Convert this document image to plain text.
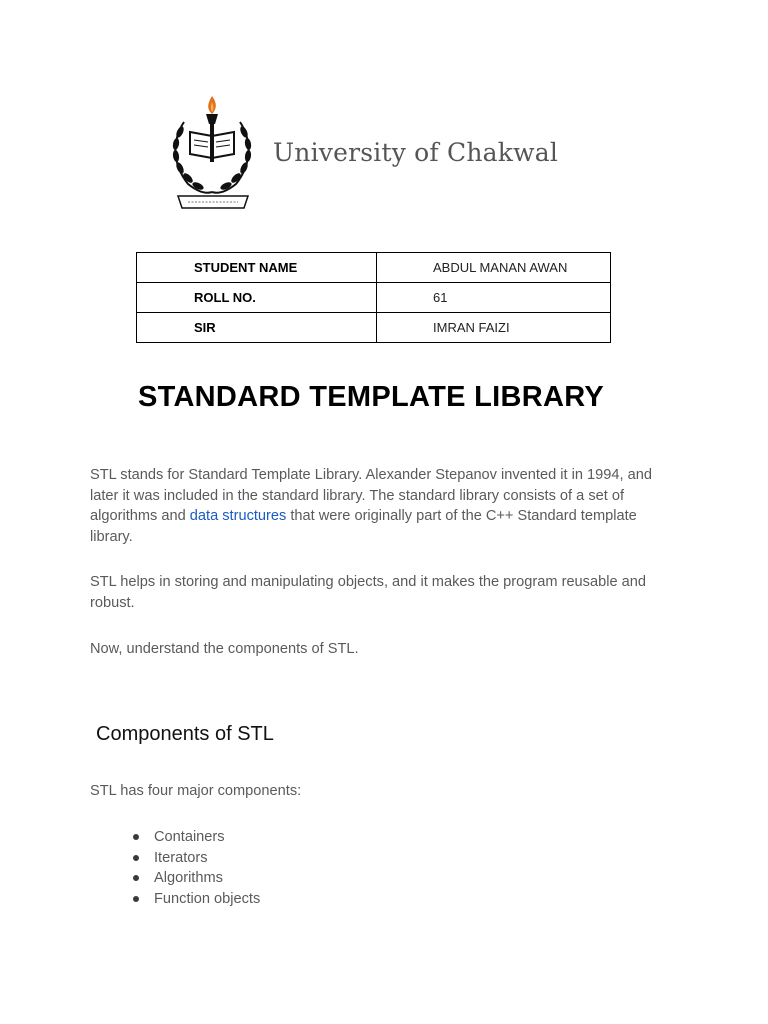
University of Chakwal
STUDENT NAME	ABDUL MANAN AWAN
ROLL NO.	61
SIR	IMRAN FAIZI
STANDARD TEMPLATE LIBRARY
STL stands for Standard Template Library. Alexander Stepanov invented it in 1994, and later it was included in the standard library. The standard library consists of a set of algorithms and data structures that were originally part of the C++ Standard template library.
STL helps in storing and manipulating objects, and it makes the program reusable and robust.
Now, understand the components of STL.
Components of STL
STL has four major components:
Containers
Iterators
Algorithms
Function objects
